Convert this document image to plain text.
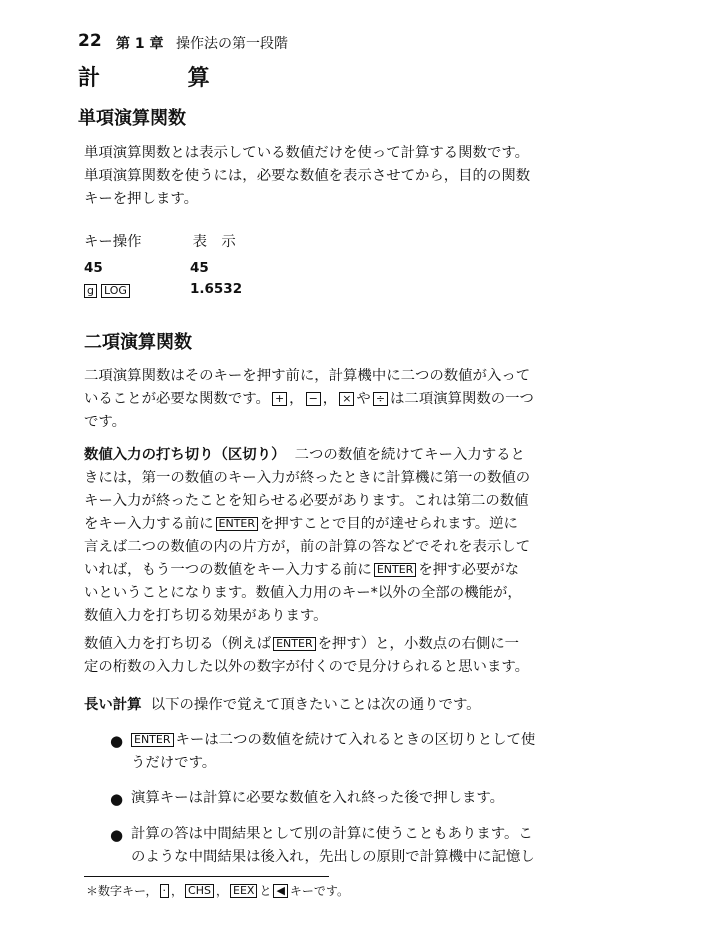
22 第 1 章 操作法の第一段階
計 算
単項演算関数
単項演算関数とは表示している数値だけを使って計算する関数です。
単項演算関数を使うには，必要な数値を表示させてから，目的の関数
キーを押します。
キー操作	表　示
45	45
g LOG	1.6532
二項演算関数
二項演算関数はそのキーを押す前に，計算機中に二つの数値が入って
いることが必要な関数です。 + ， − ， × や ÷ は二項演算関数の一つ
です。
数値入力の打ち切り（区切り） 二つの数値を続けてキー入力すると
きには，第一の数値のキー入力が終ったときに計算機に第一の数値の
キー入力が終ったことを知らせる必要があります。これは第二の数値
をキー入力する前に ENTER を押すことで目的が達せられます。逆に
言えば二つの数値の内の片方が，前の計算の答などでそれを表示して
いれば，もう一つの数値をキー入力する前に ENTER を押す必要がな
いということになります。数値入力用のキー*以外の全部の機能が，
数値入力を打ち切る効果があります。
数値入力を打ち切る（例えば ENTER を押す）と，小数点の右側に一
定の桁数の入力した以外の数字が付くので見分けられると思います。
長い計算 以下の操作で覚えて頂きたいことは次の通りです。
● ENTER キーは二つの数値を続けて入れるときの区切りとして使
うだけです。
● 演算キーは計算に必要な数値を入れ終った後で押します。
● 計算の答は中間結果として別の計算に使うこともあります。こ
のような中間結果は後入れ，先出しの原則で計算機中に記憶し
＊数字キー， · ， CHS ， EEX と ◀ キーです。
